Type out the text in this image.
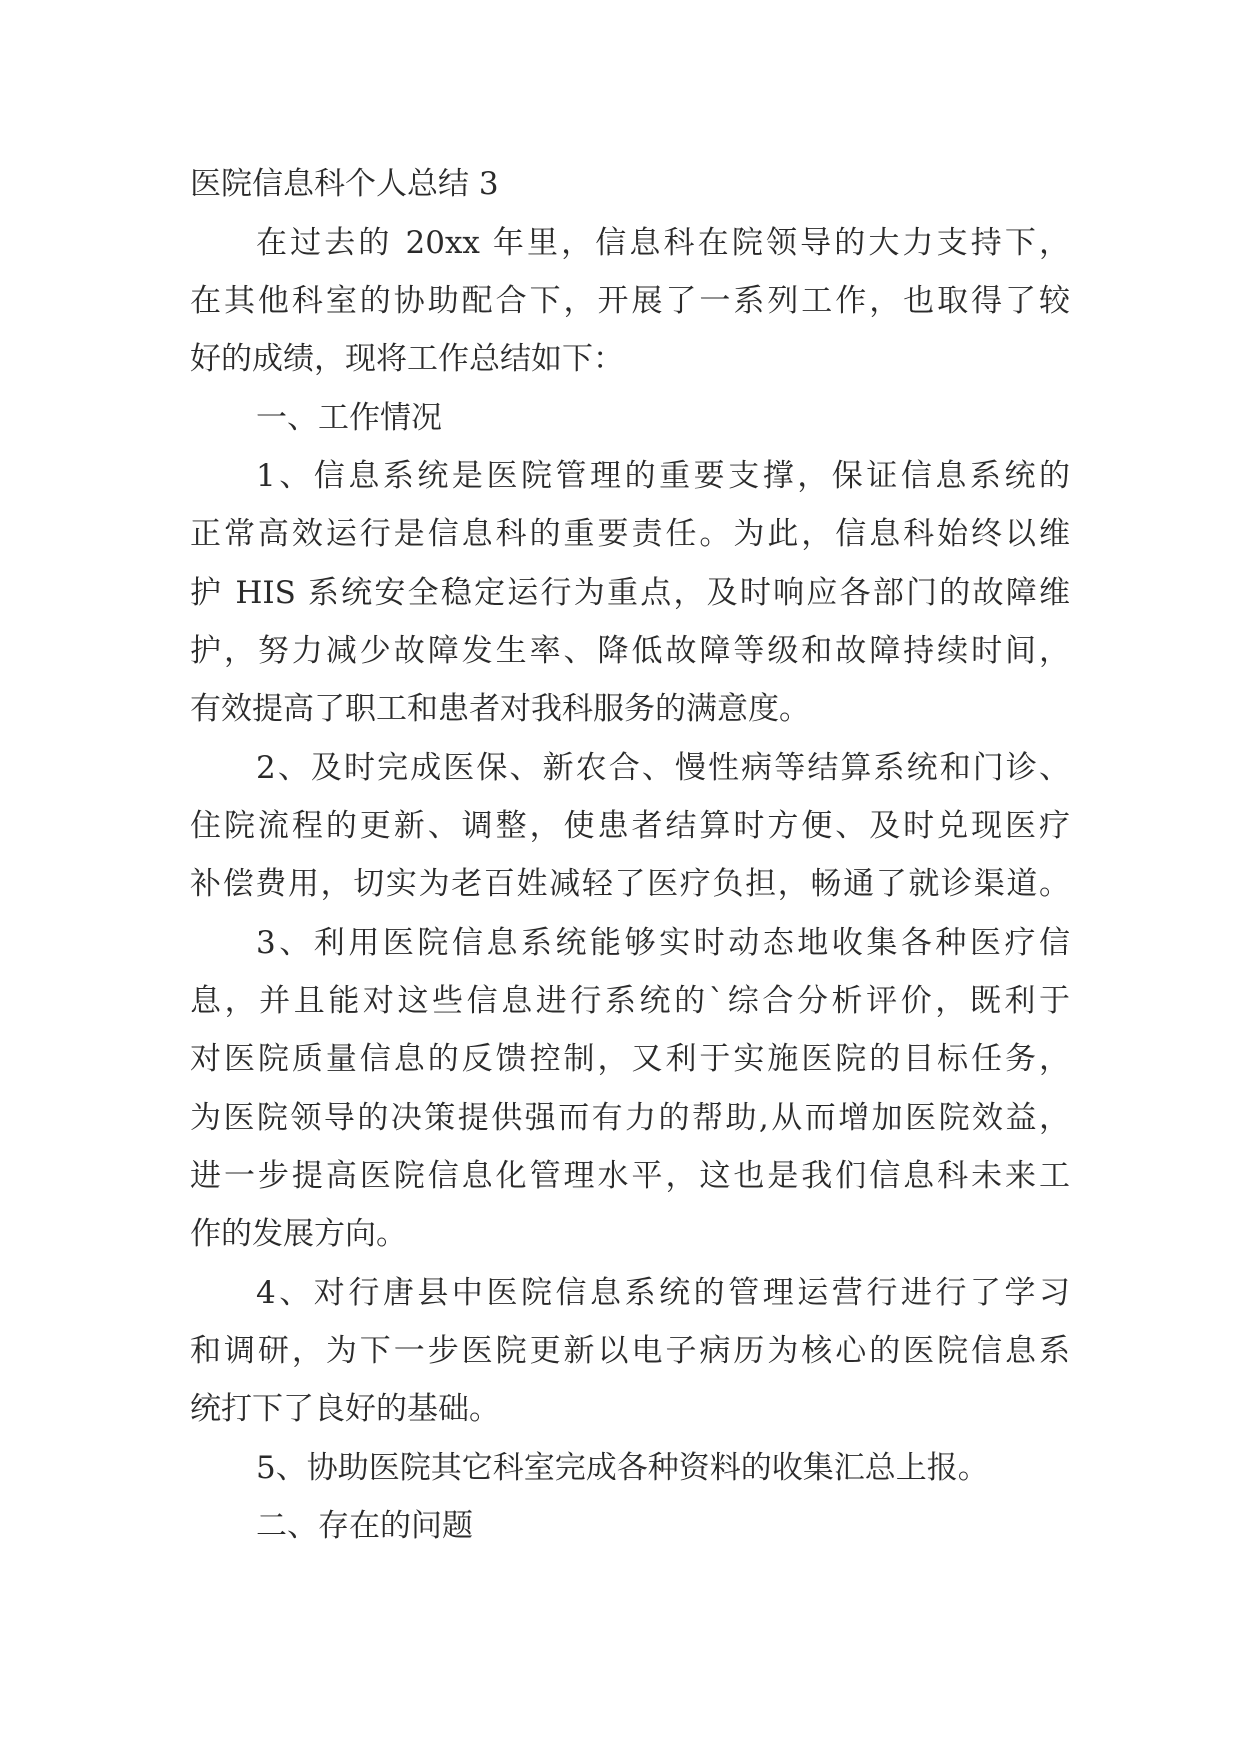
医院信息科个人总结 3
在过去的 20xx 年里，信息科在院领导的大力支持下，
在其他科室的协助配合下，开展了一系列工作，也取得了较
好的成绩，现将工作总结如下：
一、工作情况
1、信息系统是医院管理的重要支撑，保证信息系统的
正常高效运行是信息科的重要责任。为此，信息科始终以维
护 HIS 系统安全稳定运行为重点，及时响应各部门的故障维
护，努力减少故障发生率、降低故障等级和故障持续时间，
有效提高了职工和患者对我科服务的满意度。
2、及时完成医保、新农合、慢性病等结算系统和门诊、
住院流程的更新、调整，使患者结算时方便、及时兑现医疗
补偿费用，切实为老百姓减轻了医疗负担，畅通了就诊渠道。
3、利用医院信息系统能够实时动态地收集各种医疗信
息，并且能对这些信息进行系统的`综合分析评价，既利于
对医院质量信息的反馈控制，又利于实施医院的目标任务，
为医院领导的决策提供强而有力的帮助,从而增加医院效益，
进一步提高医院信息化管理水平，这也是我们信息科未来工
作的发展方向。
4、对行唐县中医院信息系统的管理运营行进行了学习
和调研，为下一步医院更新以电子病历为核心的医院信息系
统打下了良好的基础。
5、协助医院其它科室完成各种资料的收集汇总上报。
二、存在的问题
